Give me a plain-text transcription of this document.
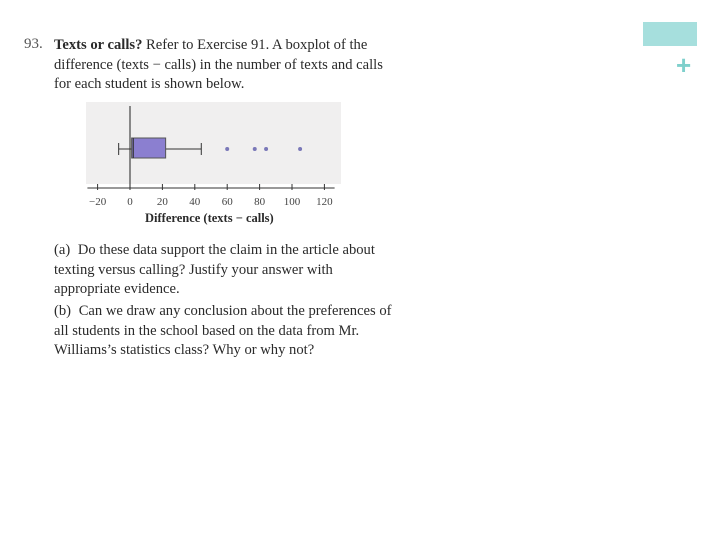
+
93. Texts or calls? Refer to Exercise 91. A boxplot of the difference (texts − calls) in the number of texts and calls for each student is shown below.
−20 0 20 40 60 80 100 120
Difference (texts − calls)
(a) Do these data support the claim in the article about texting versus calling? Justify your answer with appropriate evidence.
(b) Can we draw any conclusion about the preferences of all students in the school based on the data from Mr. Williams’s statistics class? Why or why not?
